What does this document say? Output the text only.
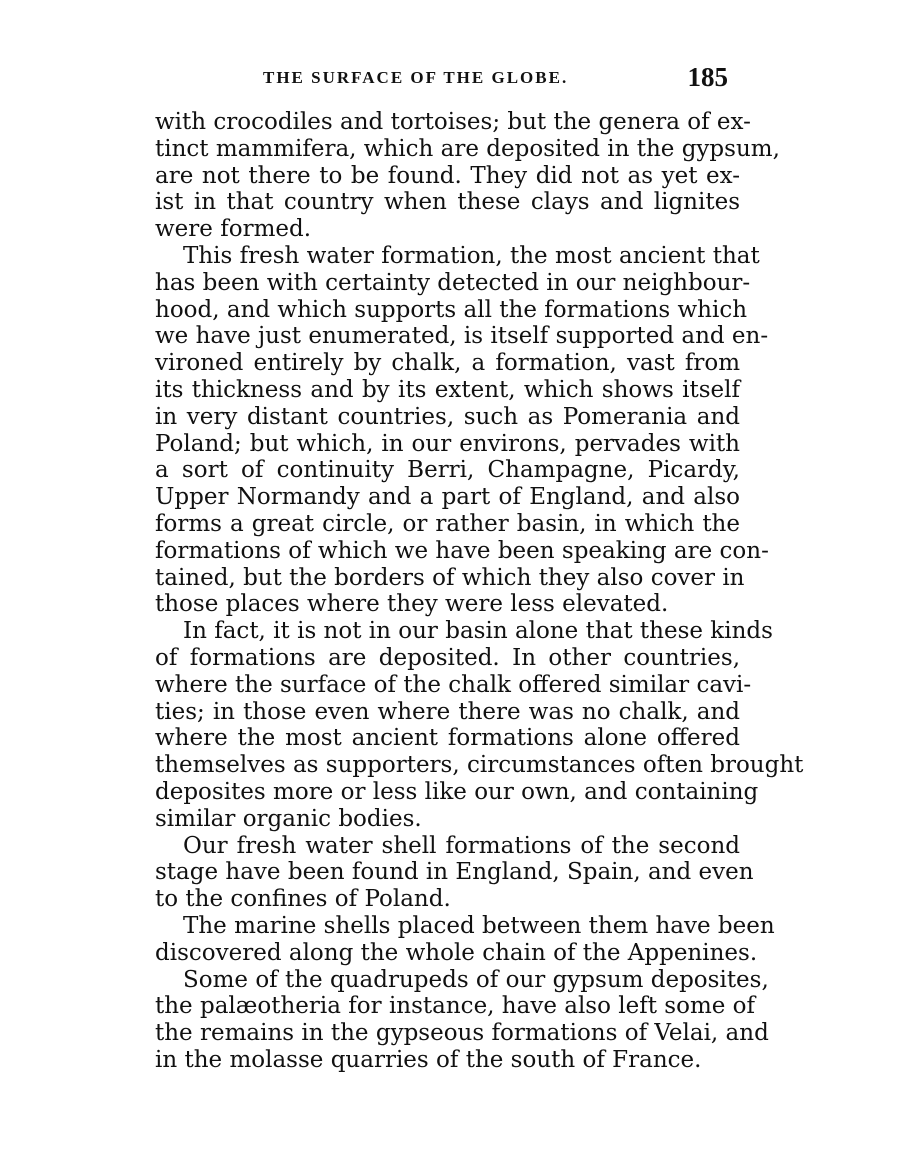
THE SURFACE OF THE GLOBE.	185
with crocodiles and tortoises; but the genera of ex-
tinct mammifera, which are deposited in the gypsum,
are not there to be found. They did not as yet ex-
ist in that country when these clays and lignites
were formed.
This fresh water formation, the most ancient that
has been with certainty detected in our neighbour-
hood, and which supports all the formations which
we have just enumerated, is itself supported and en-
vironed entirely by chalk, a formation, vast from
its thickness and by its extent, which shows itself
in very distant countries, such as Pomerania and
Poland; but which, in our environs, pervades with
a sort of continuity Berri, Champagne, Picardy,
Upper Normandy and a part of England, and also
forms a great circle, or rather basin, in which the
formations of which we have been speaking are con-
tained, but the borders of which they also cover in
those places where they were less elevated.
In fact, it is not in our basin alone that these kinds
of formations are deposited. In other countries,
where the surface of the chalk offered similar cavi-
ties; in those even where there was no chalk, and
where the most ancient formations alone offered
themselves as supporters, circumstances often brought
deposites more or less like our own, and containing
similar organic bodies.
Our fresh water shell formations of the second
stage have been found in England, Spain, and even
to the confines of Poland.
The marine shells placed between them have been
discovered along the whole chain of the Appenines.
Some of the quadrupeds of our gypsum deposites,
the palæotheria for instance, have also left some of
the remains in the gypseous formations of Velai, and
in the molasse quarries of the south of France.
